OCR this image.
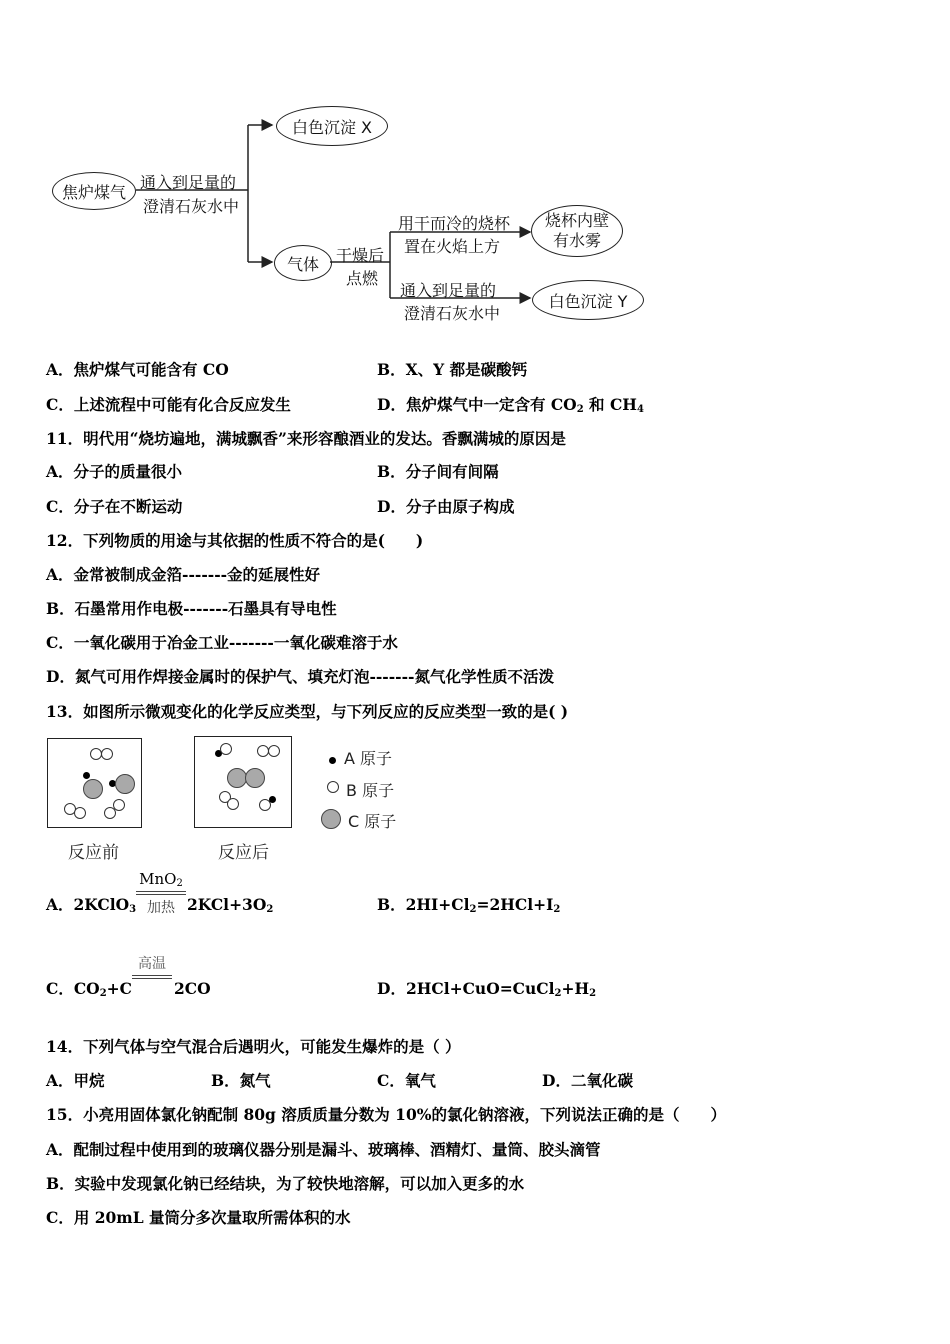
焦炉煤气 通入到足量的
澄清石灰水中
白色沉淀 X
气体 干燥后
点燃
用干而冷的烧杯
置在火焰上方
烧杯内壁
有水雾
通入到足量的
澄清石灰水中
白色沉淀 Y
A．焦炉煤气可能含有 CO	B．X、Y 都是碳酸钙
C．上述流程中可能有化合反应发生	D．焦炉煤气中一定含有 $CO_2$ 和 $CH_4$
11．明代用“烧坊遍地，满城飘香”来形容酿酒业的发达。香飘满城的原因是
A．分子的质量很小	B．分子间有间隔
C．分子在不断运动	D．分子由原子构成
12．下列物质的用途与其依据的性质不符合的是(　　)
A．金常被制成金箔-------金的延展性好
B．石墨常用作电极-------石墨具有导电性
C．一氧化碳用于冶金工业-------一氧化碳难溶于水
D．氮气可用作焊接金属时的保护气、填充灯泡-------氮气化学性质不活泼
13．如图所示微观变化的化学反应类型，与下列反应的反应类型一致的是( )
反应前	反应后
A 原子
B 原子
C 原子
A．2KClO$_3$
MnO$_2$
加热 $2KCl+3O_2$	B．$2HI+Cl_2=2HCl+I_2$
C．$CO_2+C$
高温
2CO	D．$2HCl+CuO=CuCl_2+H_2$
14．下列气体与空气混合后遇明火，可能发生爆炸的是（ ）
A．甲烷	B．氮气	C．氧气	D．二氧化碳
15．小亮用固体氯化钠配制 80g 溶质质量分数为 10%的氯化钠溶液，下列说法正确的是（　　）
A．配制过程中使用到的玻璃仪器分别是漏斗、玻璃棒、酒精灯、量筒、胶头滴管
B．实验中发现氯化钠已经结块，为了较快地溶解，可以加入更多的水
C．用 20mL 量筒分多次量取所需体积的水
